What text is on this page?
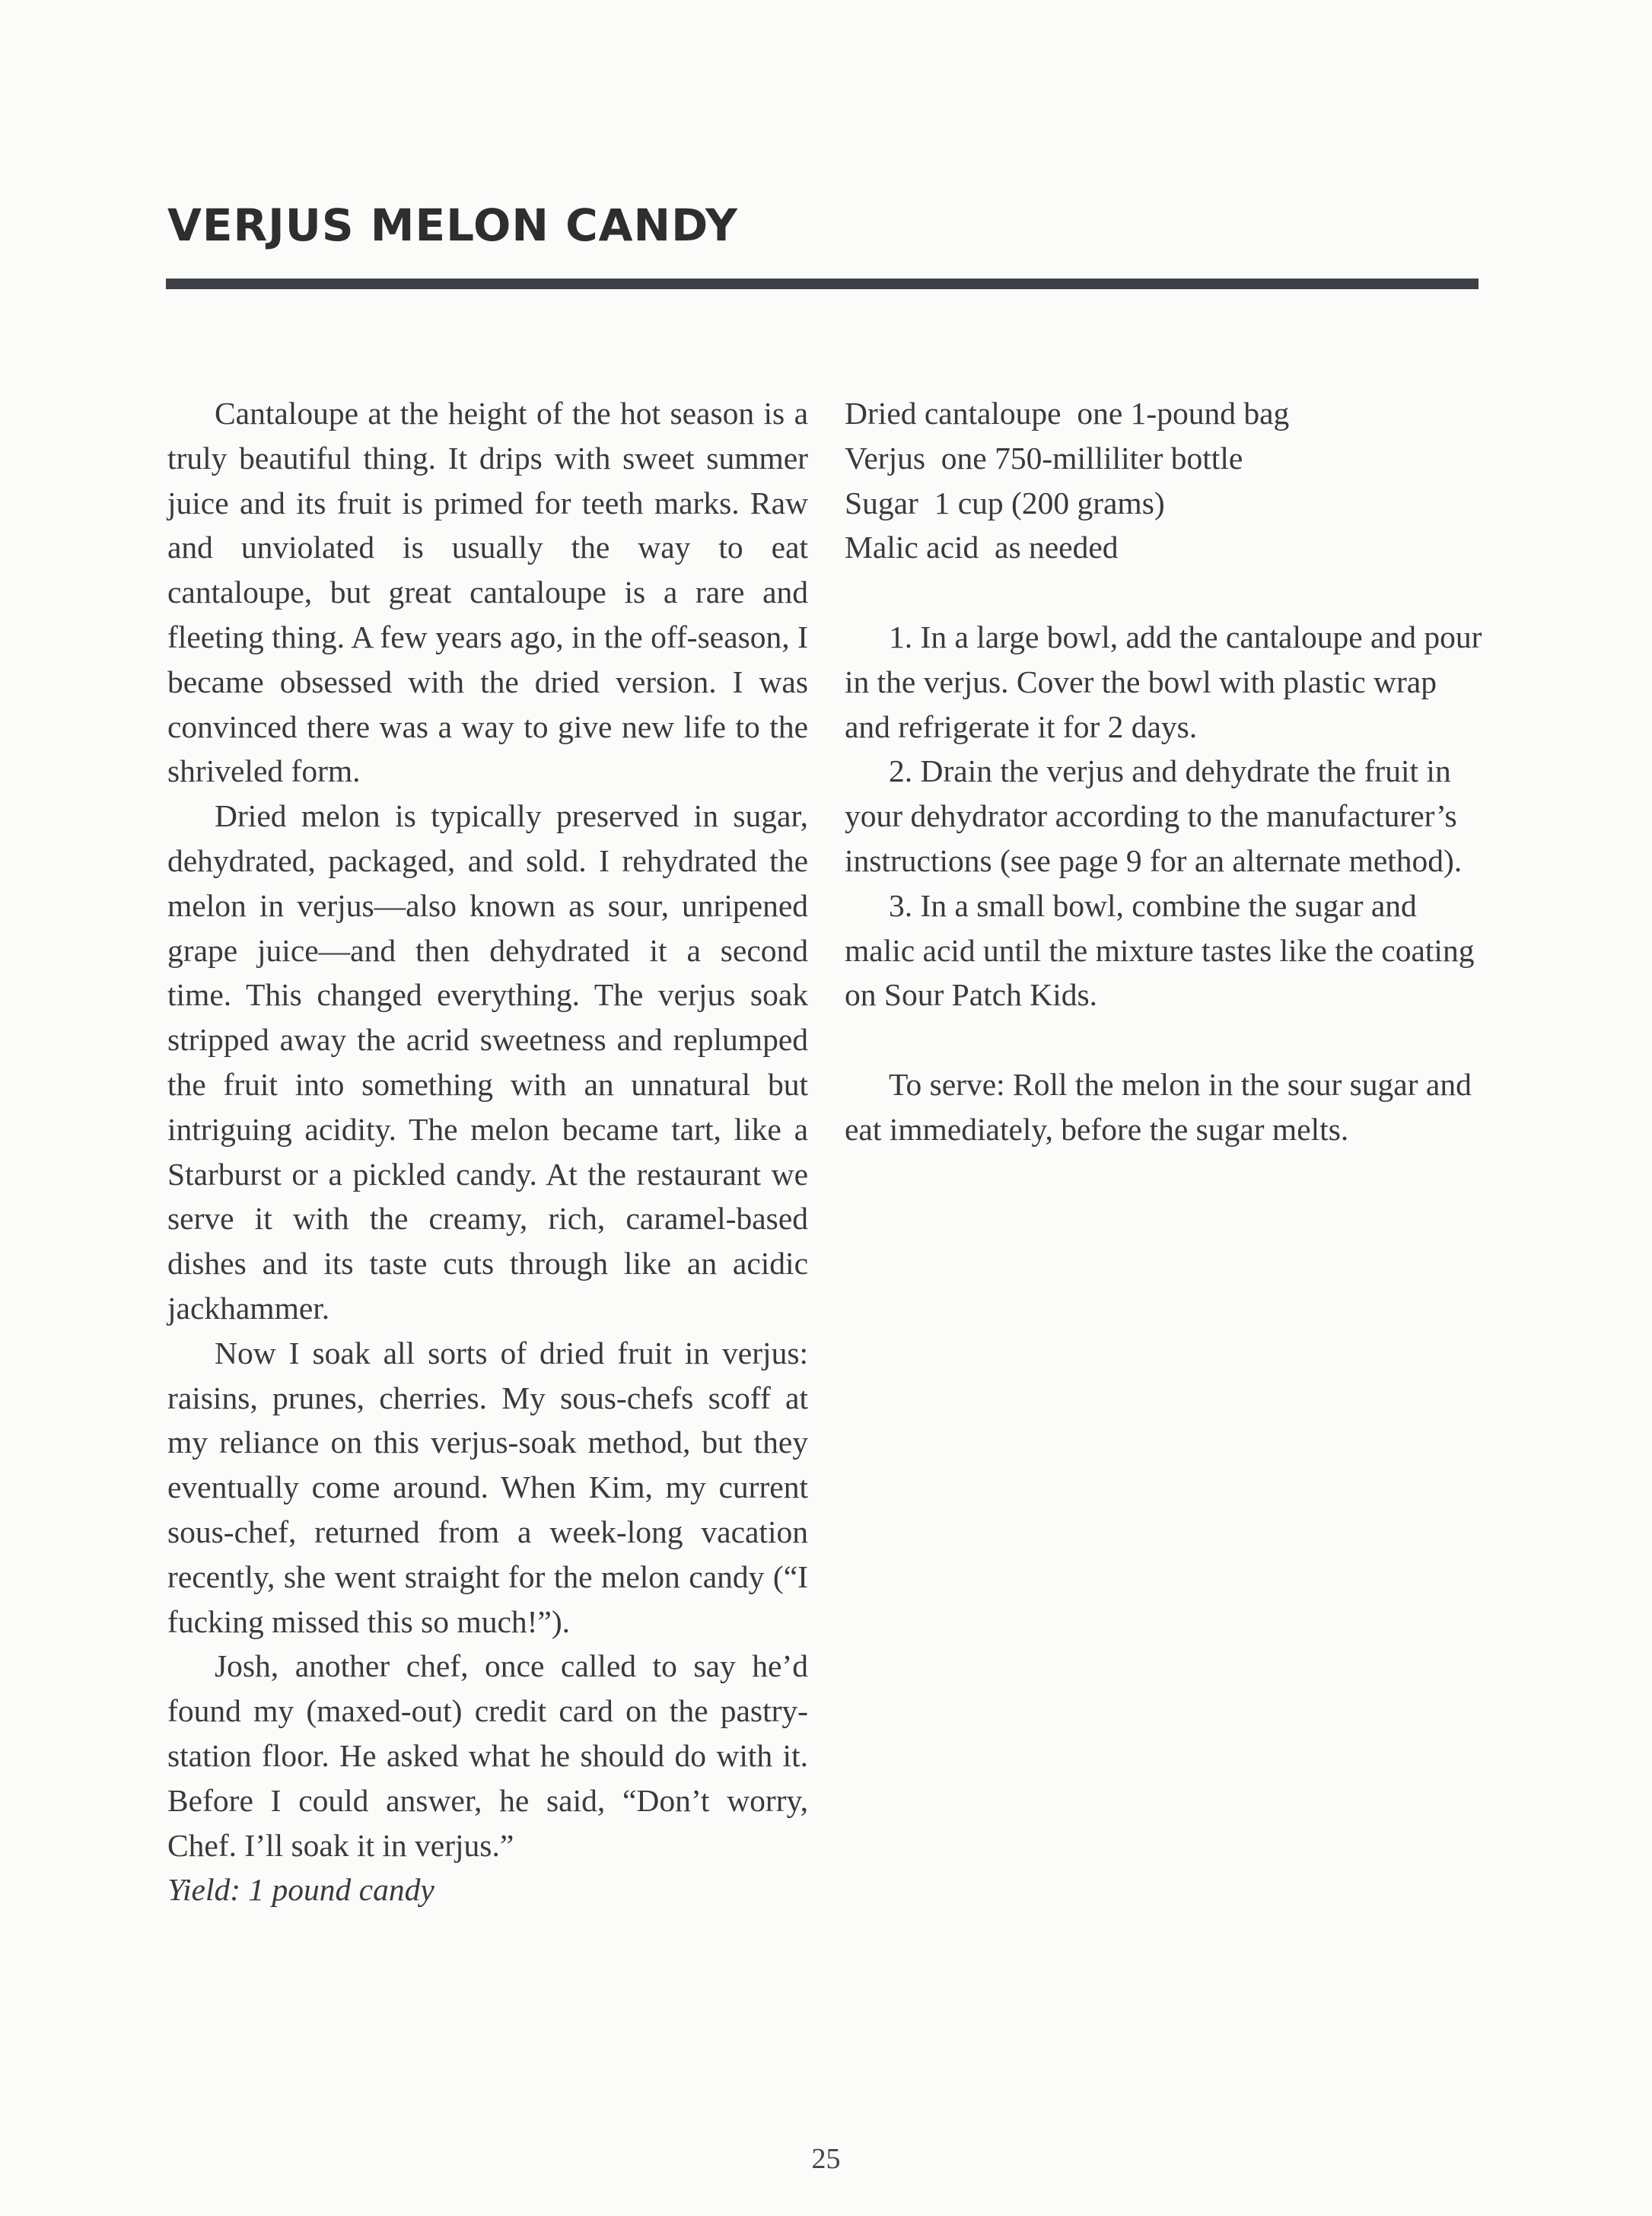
VERJUS MELON CANDY

Cantaloupe at the height of the hot season is a truly beautiful thing. It drips with sweet summer juice and its fruit is primed for teeth marks. Raw and unviolated is usually the way to eat cantaloupe, but great cantaloupe is a rare and fleeting thing. A few years ago, in the off-season, I became obsessed with the dried version. I was convinced there was a way to give new life to the shriveled form.

Dried melon is typically preserved in sugar, dehydrated, packaged, and sold. I rehydrated the melon in verjus—also known as sour, unripened grape juice—and then dehydrated it a second time. This changed everything. The verjus soak stripped away the acrid sweetness and replumped the fruit into something with an unnatural but intriguing acidity. The melon became tart, like a Starburst or a pickled candy. At the restaurant we serve it with the creamy, rich, caramel-based dishes and its taste cuts through like an acidic jackhammer.

Now I soak all sorts of dried fruit in verjus: raisins, prunes, cherries. My sous-chefs scoff at my reliance on this verjus-soak method, but they eventually come around. When Kim, my current sous-chef, returned from a week-long vacation recently, she went straight for the melon candy (“I fucking missed this so much!”).

Josh, another chef, once called to say he’d found my (maxed-out) credit card on the pastry-station floor. He asked what he should do with it. Before I could answer, he said, “Don’t worry, Chef. I’ll soak it in verjus.”

Yield: 1 pound candy

Dried cantaloupe one 1-pound bag

Verjus one 750-milliliter bottle

Sugar 1 cup (200 grams)

Malic acid as needed

1. In a large bowl, add the cantaloupe and pour in the verjus. Cover the bowl with plastic wrap and refrigerate it for 2 days.

2. Drain the verjus and dehydrate the fruit in your dehydrator according to the manufacturer’s instructions (see page 9 for an alternate method).

3. In a small bowl, combine the sugar and malic acid until the mixture tastes like the coating on Sour Patch Kids.

To serve: Roll the melon in the sour sugar and eat immediately, before the sugar melts.

25
